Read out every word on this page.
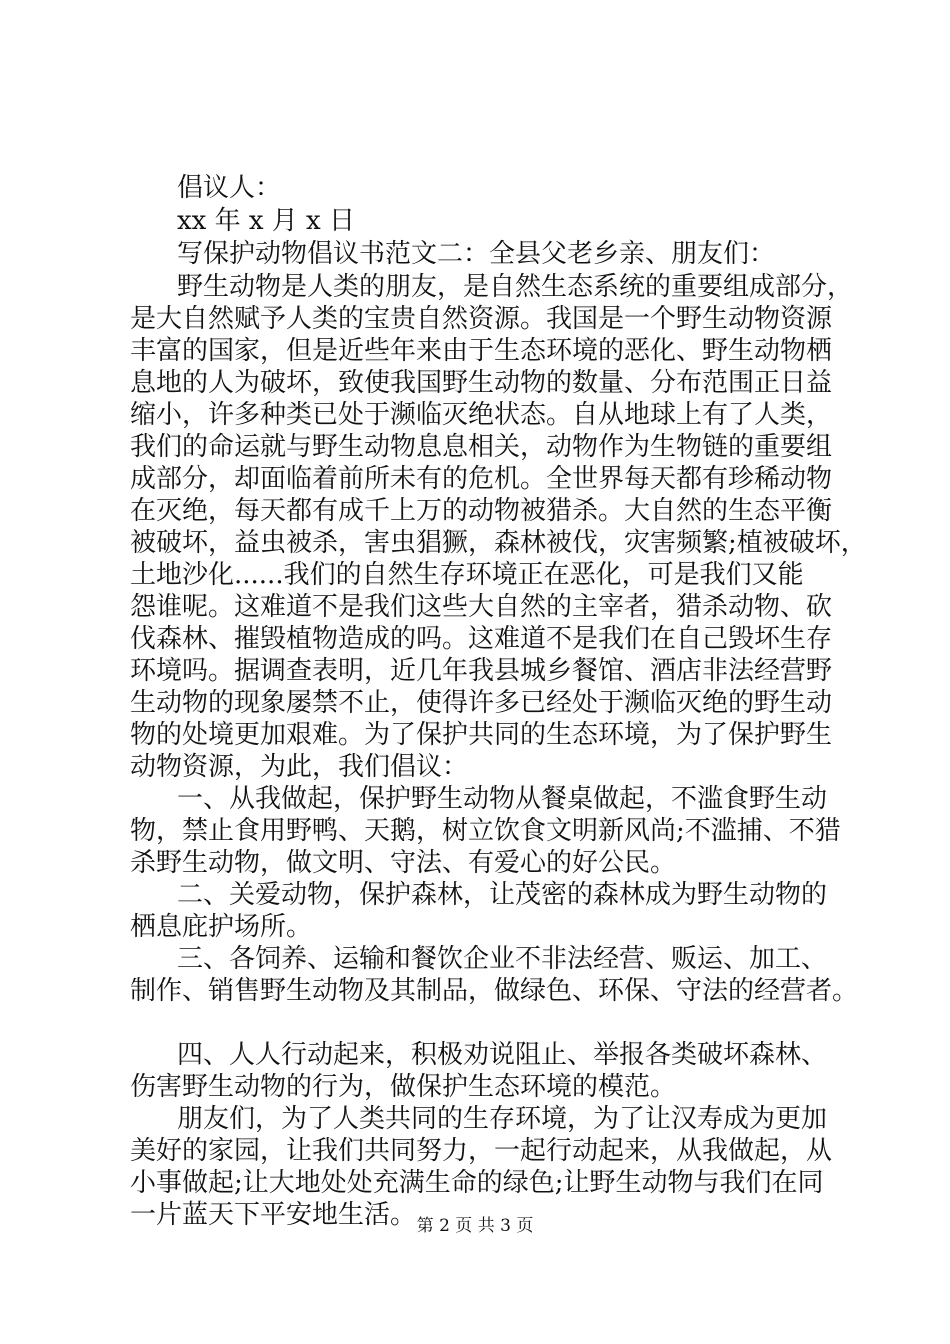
倡议人：
xx 年 x 月 x 日
写保护动物倡议书范文二：全县父老乡亲、朋友们：
野生动物是人类的朋友，是自然生态系统的重要组成部分，
是大自然赋予人类的宝贵自然资源。我国是一个野生动物资源
丰富的国家，但是近些年来由于生态环境的恶化、野生动物栖
息地的人为破坏，致使我国野生动物的数量、分布范围正日益
缩小，许多种类已处于濒临灭绝状态。自从地球上有了人类，
我们的命运就与野生动物息息相关，动物作为生物链的重要组
成部分，却面临着前所未有的危机。全世界每天都有珍稀动物
在灭绝，每天都有成千上万的动物被猎杀。大自然的生态平衡
被破坏，益虫被杀，害虫猖獗，森林被伐，灾害频繁;植被破坏，
土地沙化......我们的自然生存环境正在恶化，可是我们又能
怨谁呢。这难道不是我们这些大自然的主宰者，猎杀动物、砍
伐森林、摧毁植物造成的吗。这难道不是我们在自己毁坏生存
环境吗。据调查表明，近几年我县城乡餐馆、酒店非法经营野
生动物的现象屡禁不止，使得许多已经处于濒临灭绝的野生动
物的处境更加艰难。为了保护共同的生态环境，为了保护野生
动物资源，为此，我们倡议：
一、从我做起，保护野生动物从餐桌做起，不滥食野生动
物，禁止食用野鸭、天鹅，树立饮食文明新风尚;不滥捕、不猎
杀野生动物，做文明、守法、有爱心的好公民。
二、关爱动物，保护森林，让茂密的森林成为野生动物的
栖息庇护场所。
三、各饲养、运输和餐饮企业不非法经营、贩运、加工、
制作、销售野生动物及其制品，做绿色、环保、守法的经营者。
四、人人行动起来，积极劝说阻止、举报各类破坏森林、
伤害野生动物的行为，做保护生态环境的模范。
朋友们，为了人类共同的生存环境，为了让汉寿成为更加
美好的家园，让我们共同努力，一起行动起来，从我做起，从
小事做起;让大地处处充满生命的绿色;让野生动物与我们在同
一片蓝天下平安地生活。 第 2 页 共 3 页
